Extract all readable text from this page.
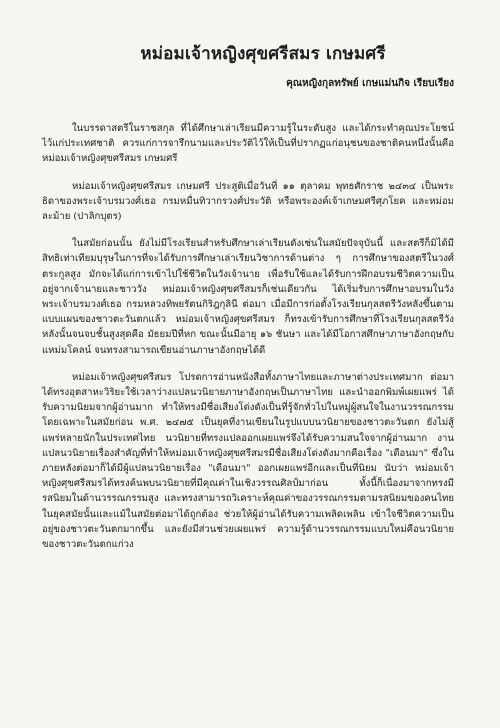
หม่อมเจ้าหญิงศุขศรีสมร เกษมศรี
คุณหญิงกุลทรัพย์ เกษแม่นกิจ เรียบเรียง

ในบรรดาสตรีในราชสกุล ที่ได้ศึกษาเล่าเรียนมีความรู้ในระดับสูง และได้กระทำคุณประโยชน์ไว้แก่ประเทศชาติ ควรแก่การจารึกนามและประวัติไว้ให้เป็นที่ปรากฏแก่อนุชนของชาติคนหนึ่งนั้นคือ หม่อมเจ้าหญิงศุขศรีสมร เกษมศรี

หม่อมเจ้าหญิงศุขศรีสมร เกษมศรี ประสูติเมื่อวันที่ ๑๑ ตุลาคม พุทธศักราช ๒๔๓๔ เป็นพระธิดาของพระเจ้าบรมวงศ์เธอ กรมหมื่นทิวากรวงศ์ประวัติ หรือพระองค์เจ้าเกษมศรีศุภโยค และหม่อมละม้าย (ปาลิกบุตร)

ในสมัยก่อนนั้น ยังไม่มีโรงเรียนสำหรับศึกษาเล่าเรียนดังเช่นในสมัยปัจจุบันนี้ และสตรีก็มิได้มีสิทธิเท่าเทียมบุรุษในการที่จะได้รับการศึกษาเล่าเรียนวิชาการด้านต่าง ๆ การศึกษาของสตรีในวงศ์ตระกูลสูง มักจะได้แก่การเข้าไปใช้ชีวิตในวังเจ้านาย เพื่อรับใช้และได้รับการฝึกอบรมชีวิตความเป็นอยู่จากเจ้านายและชาววัง หม่อมเจ้าหญิงศุขศรีสมรก็เช่นเดียวกัน ได้เริ่มรับการศึกษาอบรมในวังพระเจ้าบรมวงศ์เธอ กรมหลวงทิพยรัตนกิริฎกุลินี ต่อมา เมื่อมีการก่อตั้งโรงเรียนกุลสตรีวังหลังขึ้นตามแบบแผนของชาวตะวันตกแล้ว หม่อมเจ้าหญิงศุขศรีสมร ก็ทรงเข้ารับการศึกษาที่โรงเรียนกุลสตรีวังหลังนั้นจนจบชั้นสูงสุดคือ มัธยมปีที่หก ขณะนั้นมีอายุ ๑๖ ชันษา และได้มีโอกาสศึกษาภาษาอังกฤษกับแหม่มโคลน์ จนทรงสามารถเขียนอ่านภาษาอังกฤษได้ดี

หม่อมเจ้าหญิงศุขศรีสมร โปรดการอ่านหนังสือทั้งภาษาไทยและภาษาต่างประเทศมาก ต่อมาได้ทรงอุตสาหะวิริยะใช้เวลาว่างแปลนวนิยายภาษาอังกฤษเป็นภาษาไทย และนำออกพิมพ์เผยแพร่ ได้รับความนิยมจากผู้อ่านมาก ทำให้ทรงมีชื่อเสียงโด่งดังเป็นที่รู้จักทั่วไปในหมู่ผู้สนใจในงานวรรณกรรม โดยเฉพาะในสมัยก่อน พ.ศ. ๒๔๗๕ เป็นยุคที่งานเขียนในรูปแบบนวนิยายของชาวตะวันตก ยังไม่สู้แพร่หลายนักในประเทศไทย นวนิยายที่ทรงแปลออกเผยแพร่จึงได้รับความสนใจจากผู้อ่านมาก งานแปลนวนิยายเรื่องสำคัญที่ทำให้หม่อมเจ้าหญิงศุขศรีสมรมีชื่อเสียงโด่งดังมากคือเรื่อง "เดือนมา" ซึ่งในภายหลังต่อมาก็ได้มีผู้แปลนวนิยายเรื่อง "เดือนมา" ออกเผยแพร่อีกและเป็นที่นิยม นับว่า หม่อมเจ้าหญิงศุขศรีสมรได้ทรงค้นพบนวนิยายที่มีคุณค่าในเชิงวรรณศิลป์มาก่อน ทั้งนี้ก็เนื่องมาจากทรงมีรสนิยมในด้านวรรณกรรมสูง และทรงสามารถวิเคราะห์คุณค่าของวรรณกรรมตามรสนิยมของคนไทย ในยุคสมัยนั้นและแม้ในสมัยต่อมาได้ถูกต้อง ช่วยให้ผู้อ่านได้รับความเพลิดเพลิน เข้าใจชีวิตความเป็นอยู่ของชาวตะวันตกมากขึ้น และยังมีส่วนช่วยเผยแพร่ ความรู้ด้านวรรณกรรมแบบใหม่คือนวนิยายของชาวตะวันตกแก่วง
